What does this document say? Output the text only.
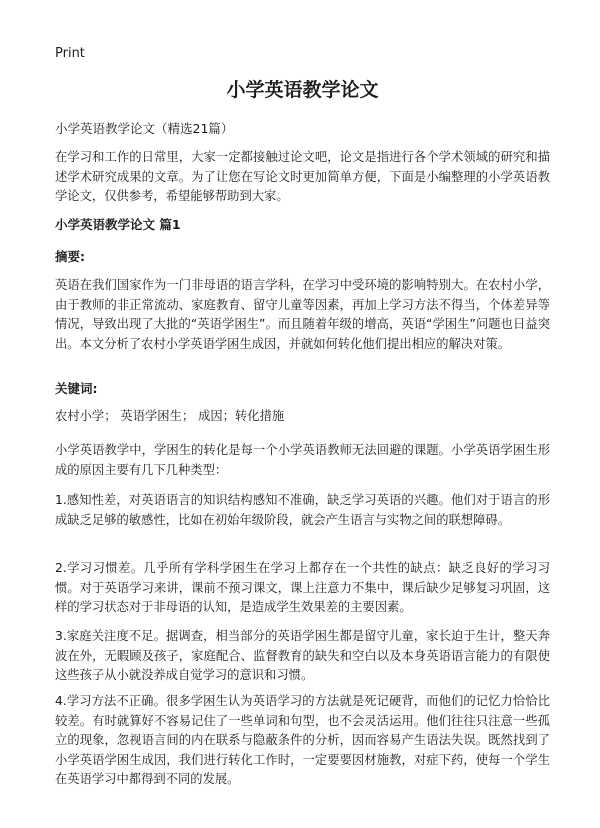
Print
小学英语教学论文

小学英语教学论文（精选21篇）

在学习和工作的日常里，大家一定都接触过论文吧，论文是指进行各个学术领域的研究和描述学术研究成果的文章。为了让您在写论文时更加简单方便，下面是小编整理的小学英语教学论文，仅供参考，希望能够帮助到大家。

小学英语教学论文 篇1
摘要:

英语在我们国家作为一门非母语的语言学科，在学习中受环境的影响特别大。在农村小学，由于教师的非正常流动、家庭教育、留守儿童等因素，再加上学习方法不得当，个体差异等情况，导致出现了大批的“英语学困生”。而且随着年级的增高，英语“学困生”问题也日益突出。本文分析了农村小学英语学困生成因，并就如何转化他们提出相应的解决对策。

关键词:

农村小学； 英语学困生； 成因；转化措施

小学英语教学中，学困生的转化是每一个小学英语教师无法回避的课题。小学英语学困生形成的原因主要有几下几种类型：

1.感知性差，对英语语言的知识结构感知不准确，缺乏学习英语的兴趣。他们对于语言的形成缺乏足够的敏感性，比如在初始年级阶段，就会产生语言与实物之间的联想障碍。

2.学习习惯差。几乎所有学科学困生在学习上都存在一个共性的缺点：缺乏良好的学习习惯。对于英语学习来讲，课前不预习课文，课上注意力不集中，课后缺少足够复习巩固，这样的学习状态对于非母语的认知，是造成学生效果差的主要因素。

3.家庭关注度不足。据调查，相当部分的英语学困生都是留守儿童，家长迫于生计，整天奔波在外，无暇顾及孩子，家庭配合、监督教育的缺失和空白以及本身英语语言能力的有限使这些孩子从小就没养成自觉学习的意识和习惯。

4.学习方法不正确。很多学困生认为英语学习的方法就是死记硬背，而他们的记忆力恰恰比较差。有时就算好不容易记住了一些单词和句型，也不会灵活运用。他们往往只注意一些孤立的现象，忽视语言间的内在联系与隐蔽条件的分析，因而容易产生语法失误。既然找到了小学英语学困生成因，我们进行转化工作时，一定要要因材施教，对症下药，使每一个学生在英语学习中都得到不同的发展。
